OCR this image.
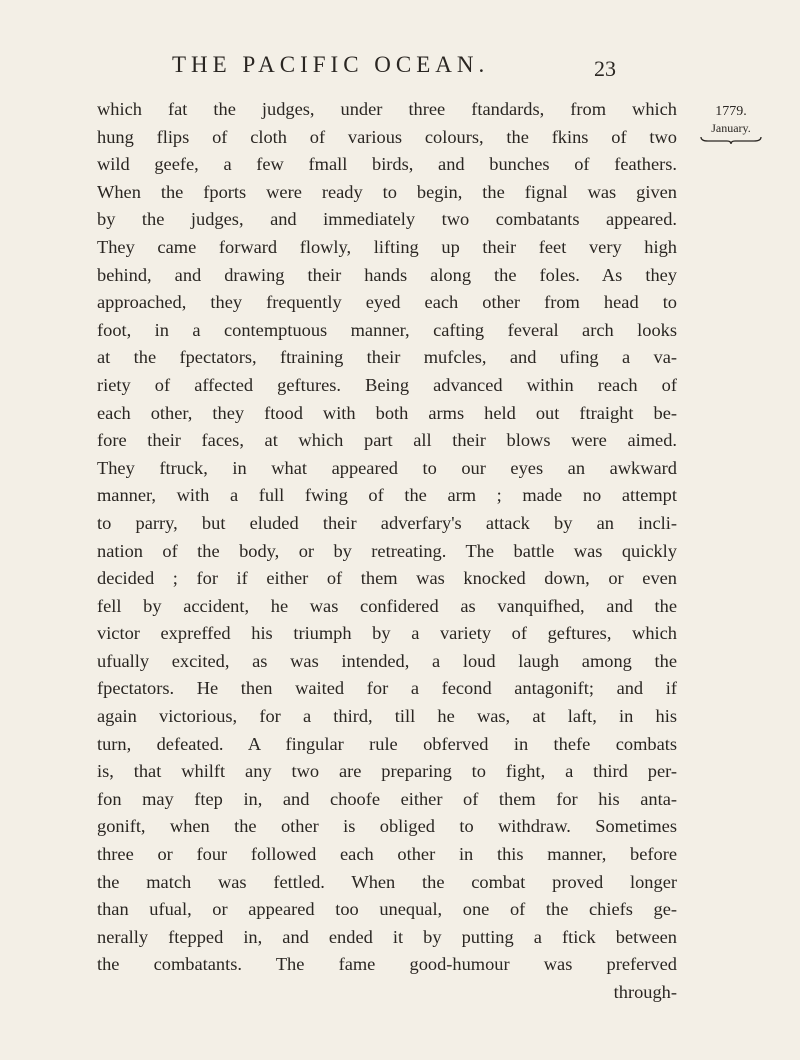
THE PACIFIC OCEAN.	23
1779.
January.
which fat the judges, under three ftandards, from which
hung flips of cloth of various colours, the fkins of two
wild geefe, a few fmall birds, and bunches of feathers.
When the fports were ready to begin, the fignal was given
by the judges, and immediately two combatants appeared.
They came forward flowly, lifting up their feet very high
behind, and drawing their hands along the foles. As they
approached, they frequently eyed each other from head to
foot, in a contemptuous manner, cafting feveral arch looks
at the fpectators, ftraining their mufcles, and ufing a va-
riety of affected geftures. Being advanced within reach of
each other, they ftood with both arms held out ftraight be-
fore their faces, at which part all their blows were aimed.
They ftruck, in what appeared to our eyes an awkward
manner, with a full fwing of the arm ; made no attempt
to parry, but eluded their adverfary's attack by an incli-
nation of the body, or by retreating. The battle was quickly
decided ; for if either of them was knocked down, or even
fell by accident, he was confidered as vanquifhed, and the
victor expreffed his triumph by a variety of geftures, which
ufually excited, as was intended, a loud laugh among the
fpectators. He then waited for a fecond antagonift; and if
again victorious, for a third, till he was, at laft, in his
turn, defeated. A fingular rule obferved in thefe combats
is, that whilft any two are preparing to fight, a third per-
fon may ftep in, and choofe either of them for his anta-
gonift, when the other is obliged to withdraw. Sometimes
three or four followed each other in this manner, before
the match was fettled. When the combat proved longer
than ufual, or appeared too unequal, one of the chiefs ge-
nerally ftepped in, and ended it by putting a ftick between
the combatants. The fame good-humour was preferved
through-
